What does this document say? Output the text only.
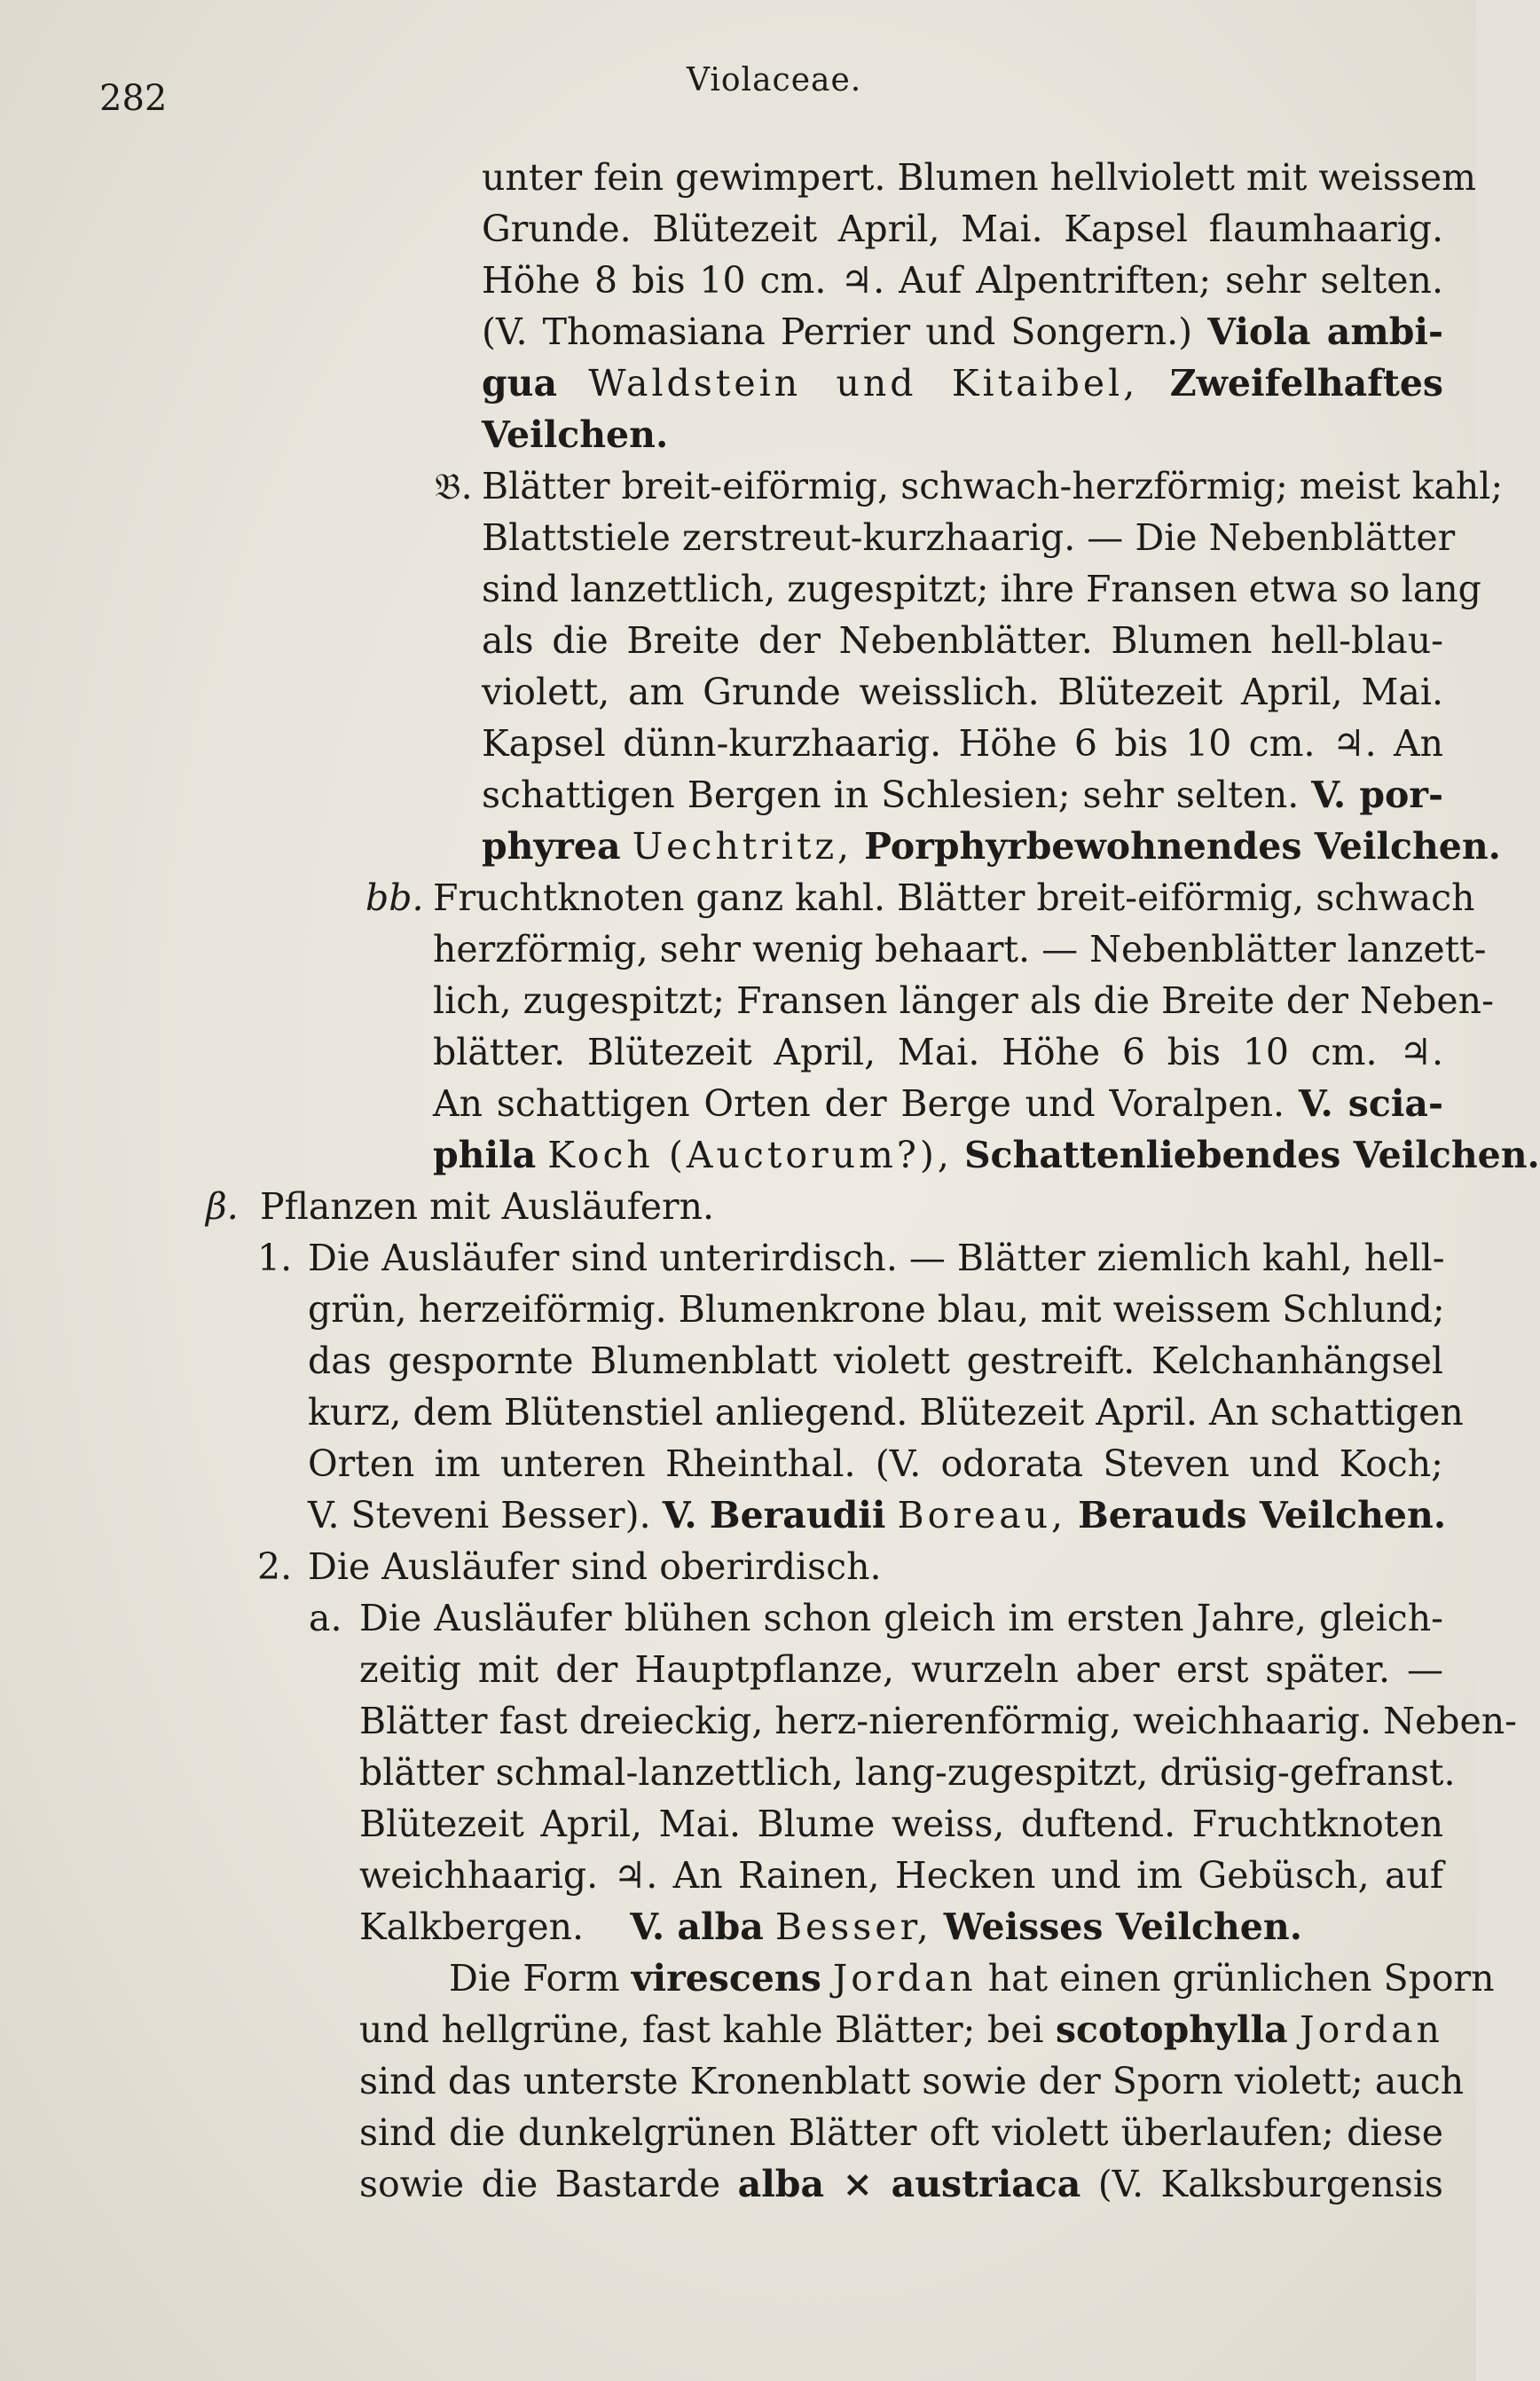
282	Violaceae.
unter fein gewimpert. Blumen hellviolett mit weissem
Grunde. Blütezeit April, Mai. Kapsel flaumhaarig.
Höhe 8 bis 10 cm. ♃. Auf Alpentriften; sehr selten.
(V. Thomasiana Perrier und Songern.) Viola ambi-
gua Waldstein und Kitaibel, Zweifelhaftes
Veilchen.
𝔅. Blätter breit-eiförmig, schwach-herzförmig; meist kahl;
Blattstiele zerstreut-kurzhaarig. — Die Nebenblätter
sind lanzettlich, zugespitzt; ihre Fransen etwa so lang
als die Breite der Nebenblätter. Blumen hell-blau-
violett, am Grunde weisslich. Blütezeit April, Mai.
Kapsel dünn-kurzhaarig. Höhe 6 bis 10 cm. ♃. An
schattigen Bergen in Schlesien; sehr selten. V. por-
phyrea Uechtritz, Porphyrbewohnendes Veilchen.
bb. Fruchtknoten ganz kahl. Blätter breit-eiförmig, schwach
herzförmig, sehr wenig behaart. — Nebenblätter lanzett-
lich, zugespitzt; Fransen länger als die Breite der Neben-
blätter. Blütezeit April, Mai. Höhe 6 bis 10 cm. ♃.
An schattigen Orten der Berge und Voralpen. V. scia-
phila Koch (Auctorum?), Schattenliebendes Veilchen.
β. Pflanzen mit Ausläufern.
1. Die Ausläufer sind unterirdisch. — Blätter ziemlich kahl, hell-
grün, herzeiförmig. Blumenkrone blau, mit weissem Schlund;
das gespornte Blumenblatt violett gestreift. Kelchanhängsel
kurz, dem Blütenstiel anliegend. Blütezeit April. An schattigen
Orten im unteren Rheinthal. (V. odorata Steven und Koch;
V. Steveni Besser). V. Beraudii Boreau, Berauds Veilchen.
2. Die Ausläufer sind oberirdisch.
a. Die Ausläufer blühen schon gleich im ersten Jahre, gleich-
zeitig mit der Hauptpflanze, wurzeln aber erst später. —
Blätter fast dreieckig, herz-nierenförmig, weichhaarig. Neben-
blätter schmal-lanzettlich, lang-zugespitzt, drüsig-gefranst.
Blütezeit April, Mai. Blume weiss, duftend. Fruchtknoten
weichhaarig. ♃. An Rainen, Hecken und im Gebüsch, auf
Kalkbergen. V. alba Besser, Weisses Veilchen.
Die Form virescens Jordan hat einen grünlichen Sporn
und hellgrüne, fast kahle Blätter; bei scotophylla Jordan
sind das unterste Kronenblatt sowie der Sporn violett; auch
sind die dunkelgrünen Blätter oft violett überlaufen; diese
sowie die Bastarde alba × austriaca (V. Kalksburgensis
